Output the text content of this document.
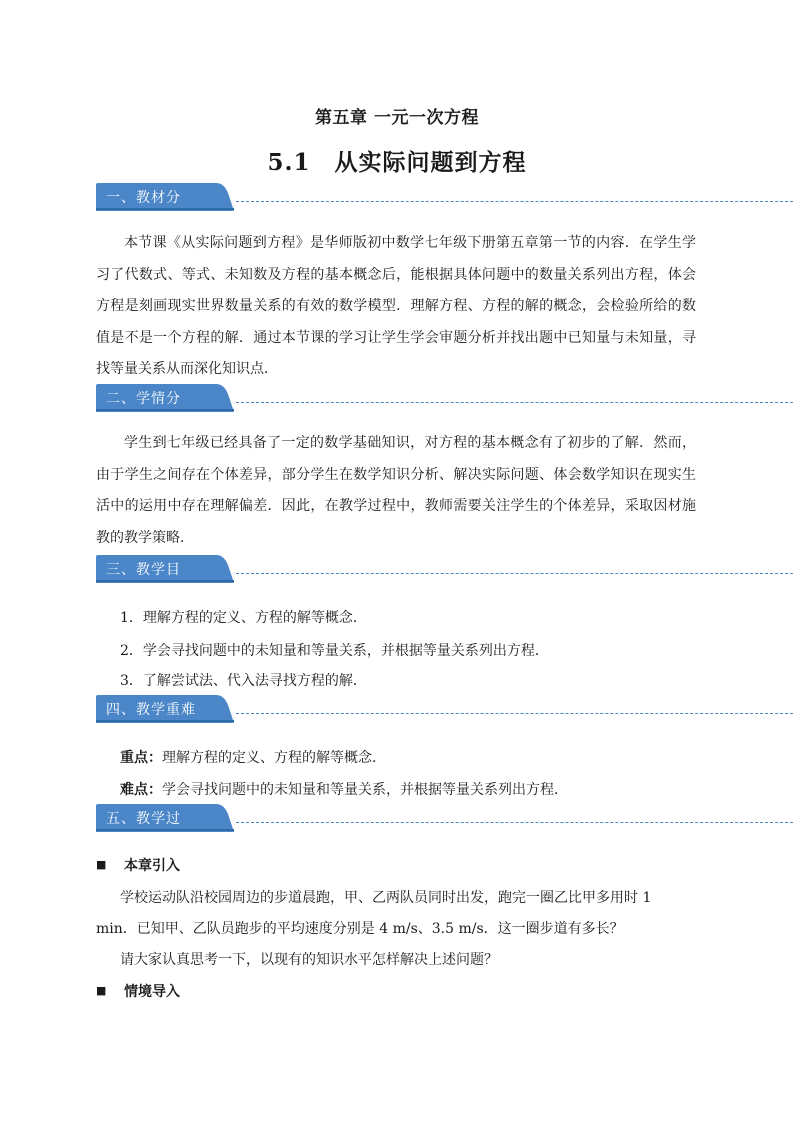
第五章 一元一次方程
5.1 从实际问题到方程
一、教材分
本节课《从实际问题到方程》是华师版初中数学七年级下册第五章第一节的内容．在学生学习了代数式、等式、未知数及方程的基本概念后，能根据具体问题中的数量关系列出方程，体会方程是刻画现实世界数量关系的有效的数学模型．理解方程、方程的解的概念，会检验所给的数值是不是一个方程的解．通过本节课的学习让学生学会审题分析并找出题中已知量与未知量，寻找等量关系从而深化知识点．
二、学情分
学生到七年级已经具备了一定的数学基础知识，对方程的基本概念有了初步的了解．然而，由于学生之间存在个体差异，部分学生在数学知识分析、解决实际问题、体会数学知识在现实生活中的运用中存在理解偏差．因此，在教学过程中，教师需要关注学生的个体差异，采取因材施教的教学策略．
三、教学目
1．理解方程的定义、方程的解等概念．
2．学会寻找问题中的未知量和等量关系，并根据等量关系列出方程．
3．了解尝试法、代入法寻找方程的解．
四、教学重难
重点：理解方程的定义、方程的解等概念．
难点：学会寻找问题中的未知量和等量关系，并根据等量关系列出方程．
五、教学过
■ 本章引入
学校运动队沿校园周边的步道晨跑，甲、乙两队员同时出发，跑完一圈乙比甲多用时 1
min．已知甲、乙队员跑步的平均速度分别是 4 m/s、3.5 m/s．这一圈步道有多长？
请大家认真思考一下，以现有的知识水平怎样解决上述问题？
■ 情境导入
